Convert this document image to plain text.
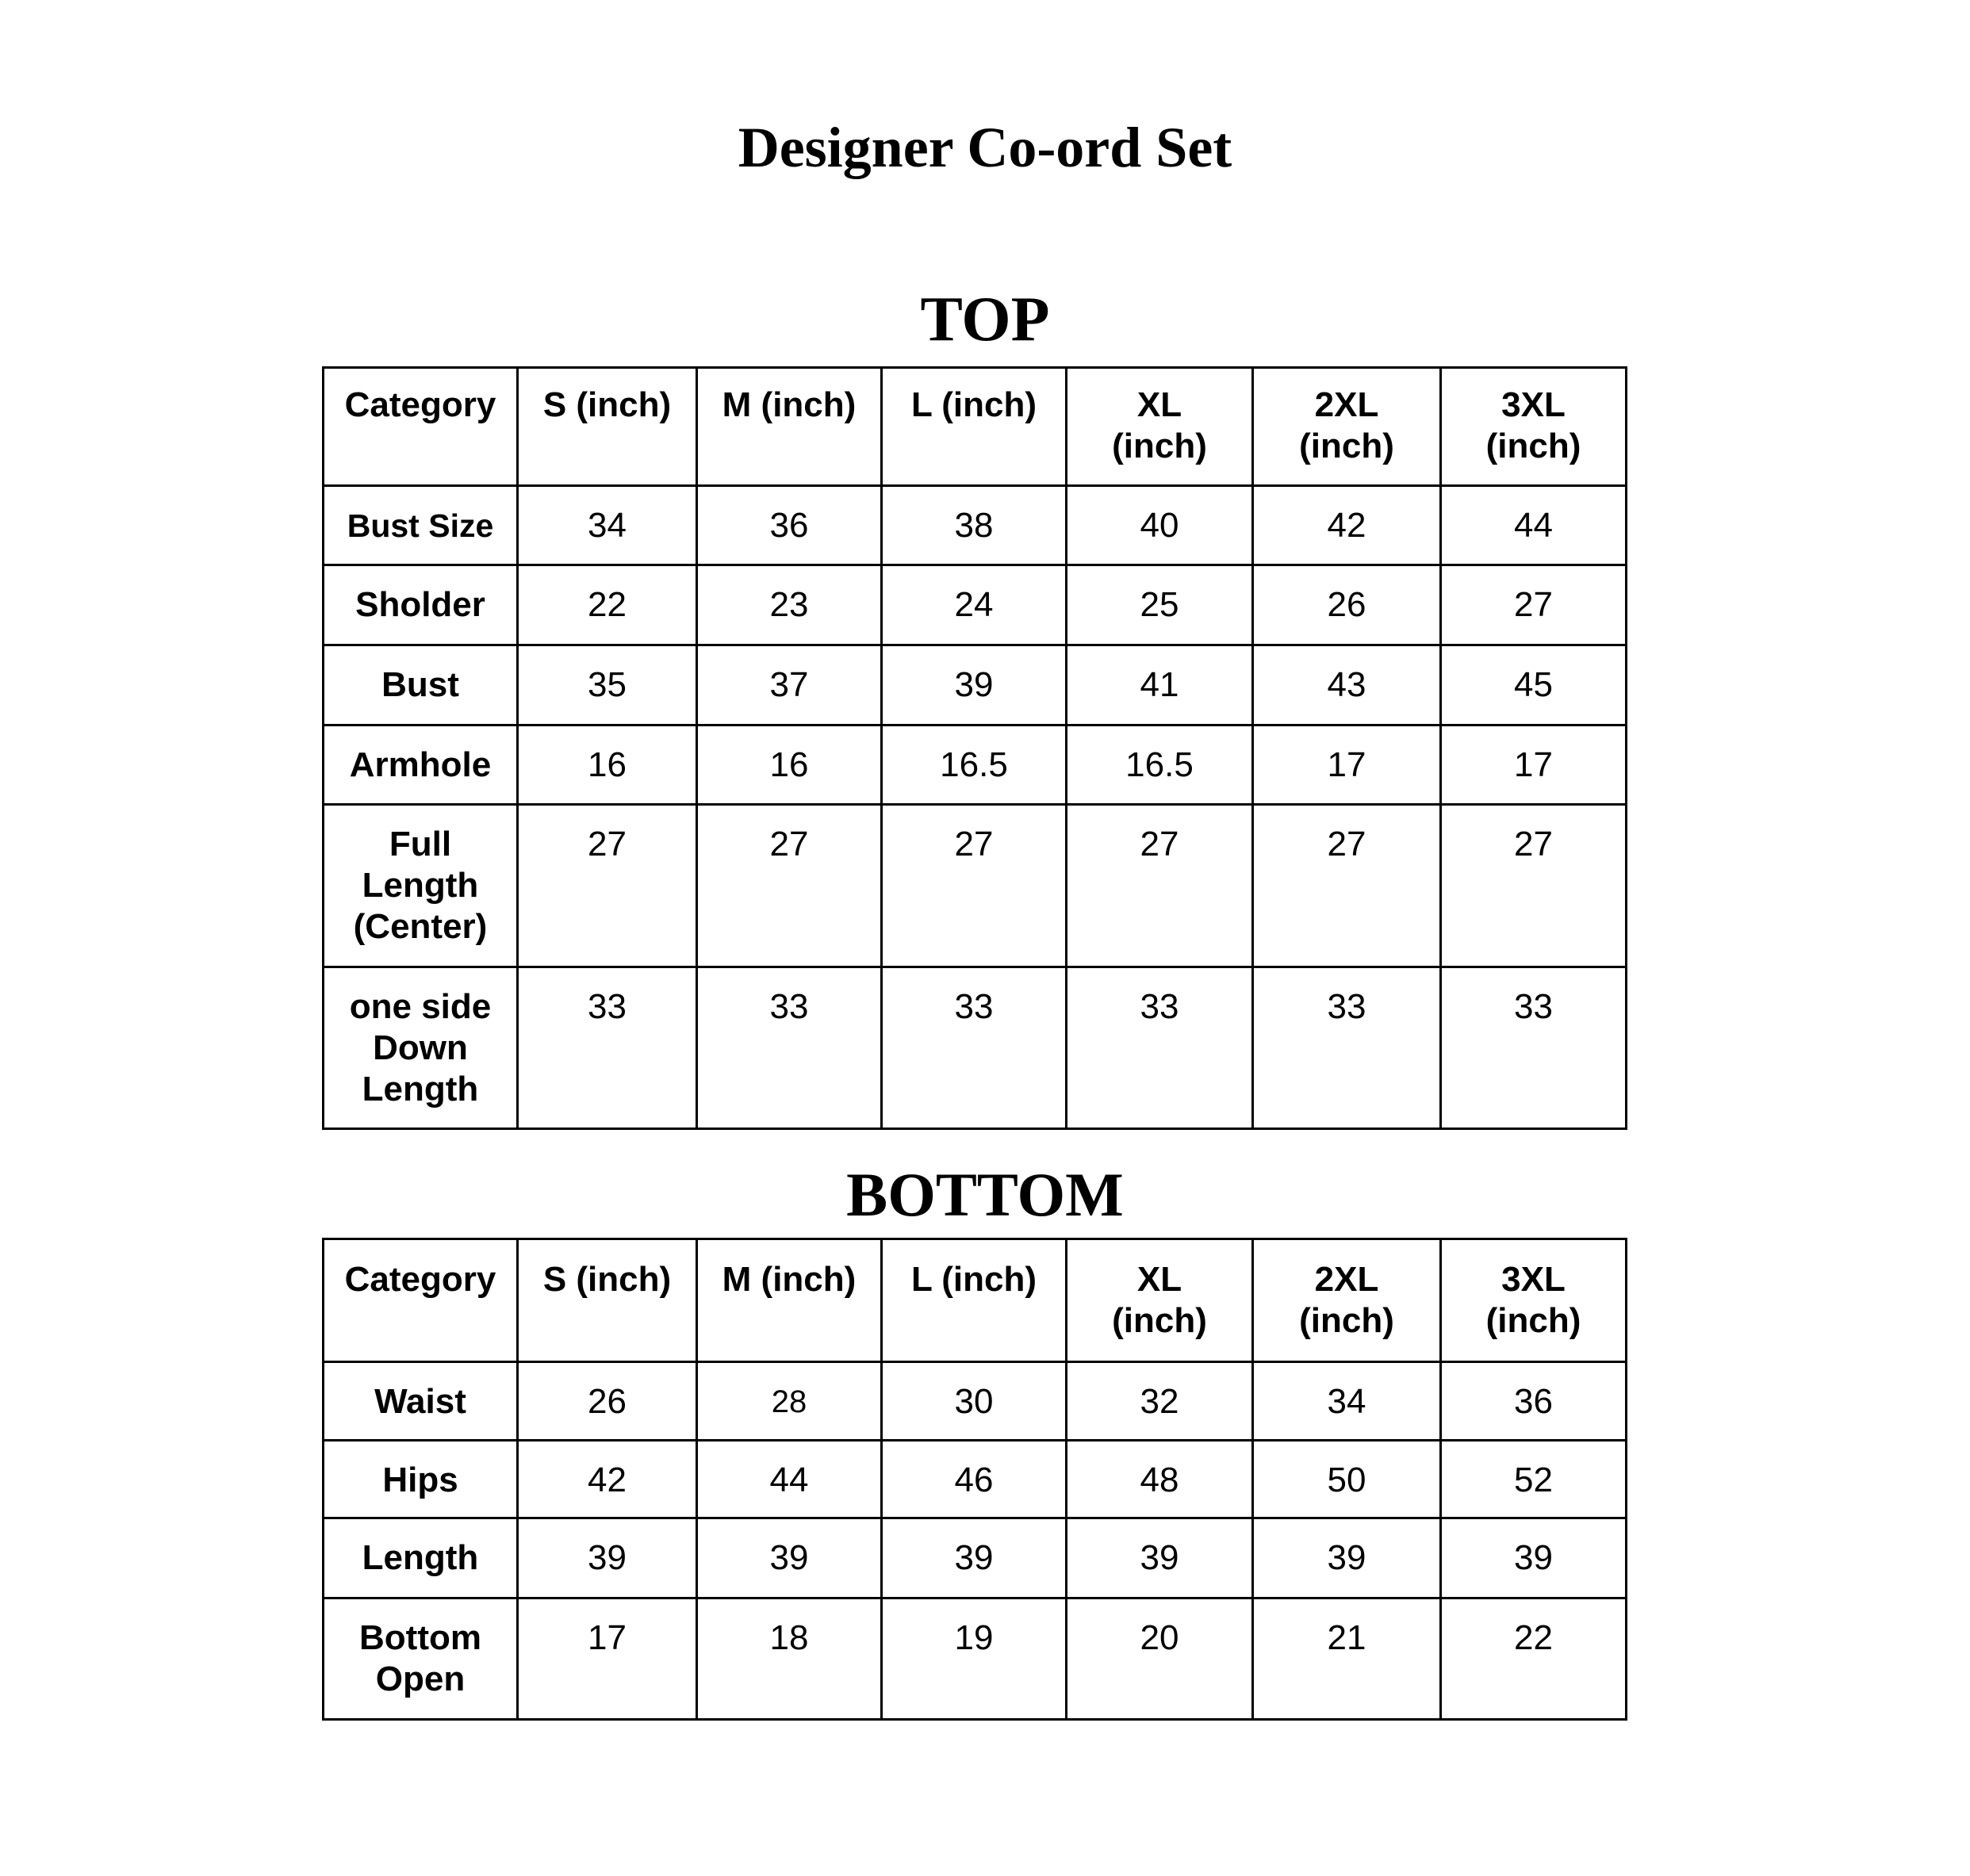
Designer Co-ord Set
TOP
Category	S (inch)	M (inch)	L (inch)	XL (inch)	2XL (inch)	3XL (inch)
Bust Size	34	36	38	40	42	44
Sholder	22	23	24	25	26	27
Bust	35	37	39	41	43	45
Armhole	16	16	16.5	16.5	17	17
Full Length (Center)	27	27	27	27	27	27
one side Down Length	33	33	33	33	33	33
BOTTOM
Category	S (inch)	M (inch)	L (inch)	XL (inch)	2XL (inch)	3XL (inch)
Waist	26	28	30	32	34	36
Hips	42	44	46	48	50	52
Length	39	39	39	39	39	39
Bottom Open	17	18	19	20	21	22
